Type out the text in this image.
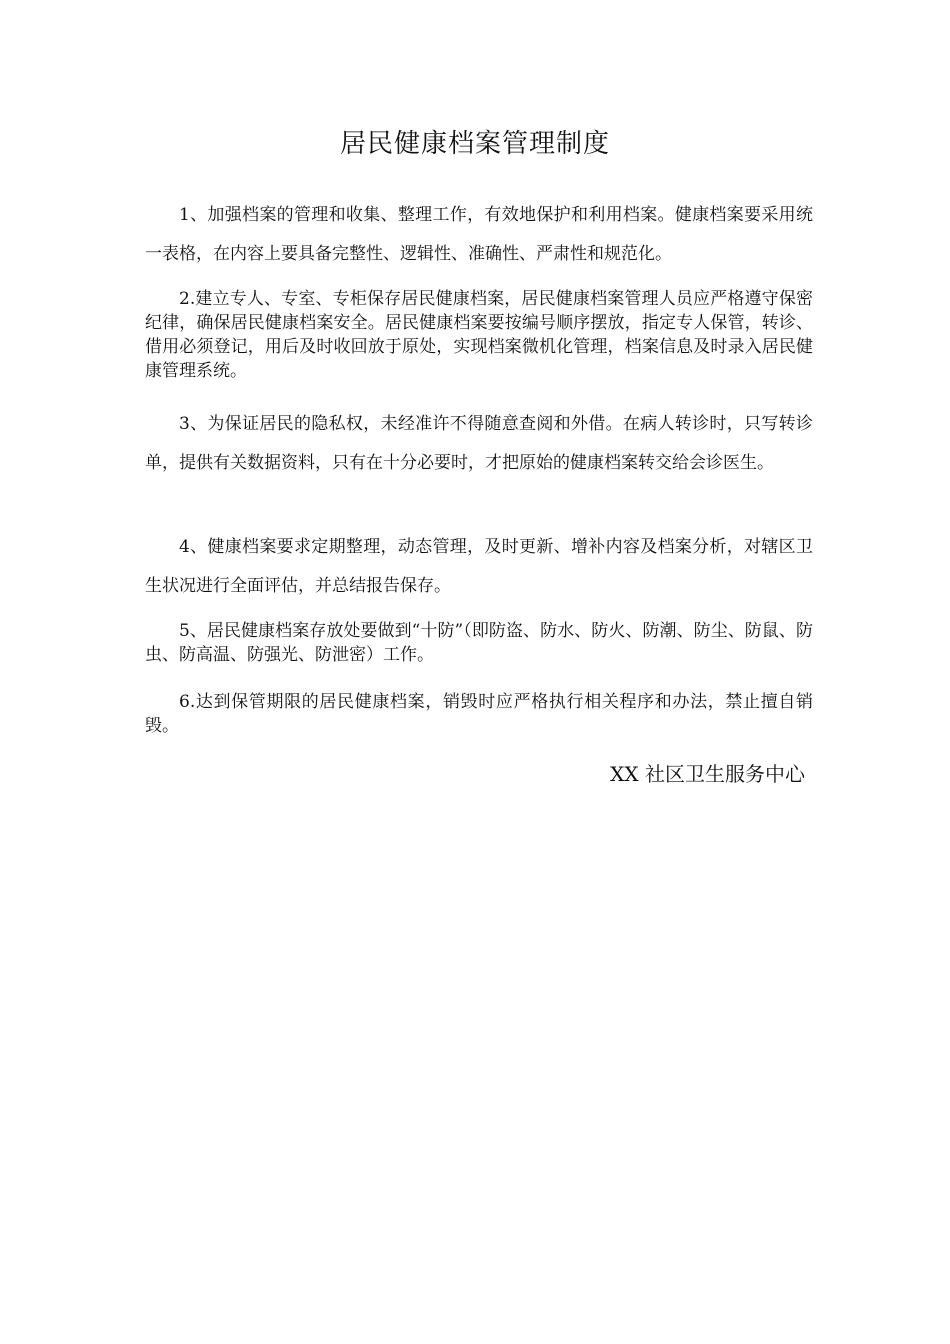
居民健康档案管理制度

1、加强档案的管理和收集、整理工作，有效地保护和利用档案。健康档案要采用统一表格，在内容上要具备完整性、逻辑性、准确性、严肃性和规范化。

2.建立专人、专室、专柜保存居民健康档案，居民健康档案管理人员应严格遵守保密纪律，确保居民健康档案安全。居民健康档案要按编号顺序摆放，指定专人保管，转诊、借用必须登记，用后及时收回放于原处，实现档案微机化管理，档案信息及时录入居民健康管理系统。

3、为保证居民的隐私权，未经准许不得随意查阅和外借。在病人转诊时，只写转诊单，提供有关数据资料，只有在十分必要时，才把原始的健康档案转交给会诊医生。

4、健康档案要求定期整理，动态管理，及时更新、增补内容及档案分析，对辖区卫生状况进行全面评估，并总结报告保存。

5、居民健康档案存放处要做到“十防”（即防盗、防水、防火、防潮、防尘、防鼠、防虫、防高温、防强光、防泄密）工作。

6.达到保管期限的居民健康档案，销毁时应严格执行相关程序和办法，禁止擅自销毁。

XX 社区卫生服务中心
